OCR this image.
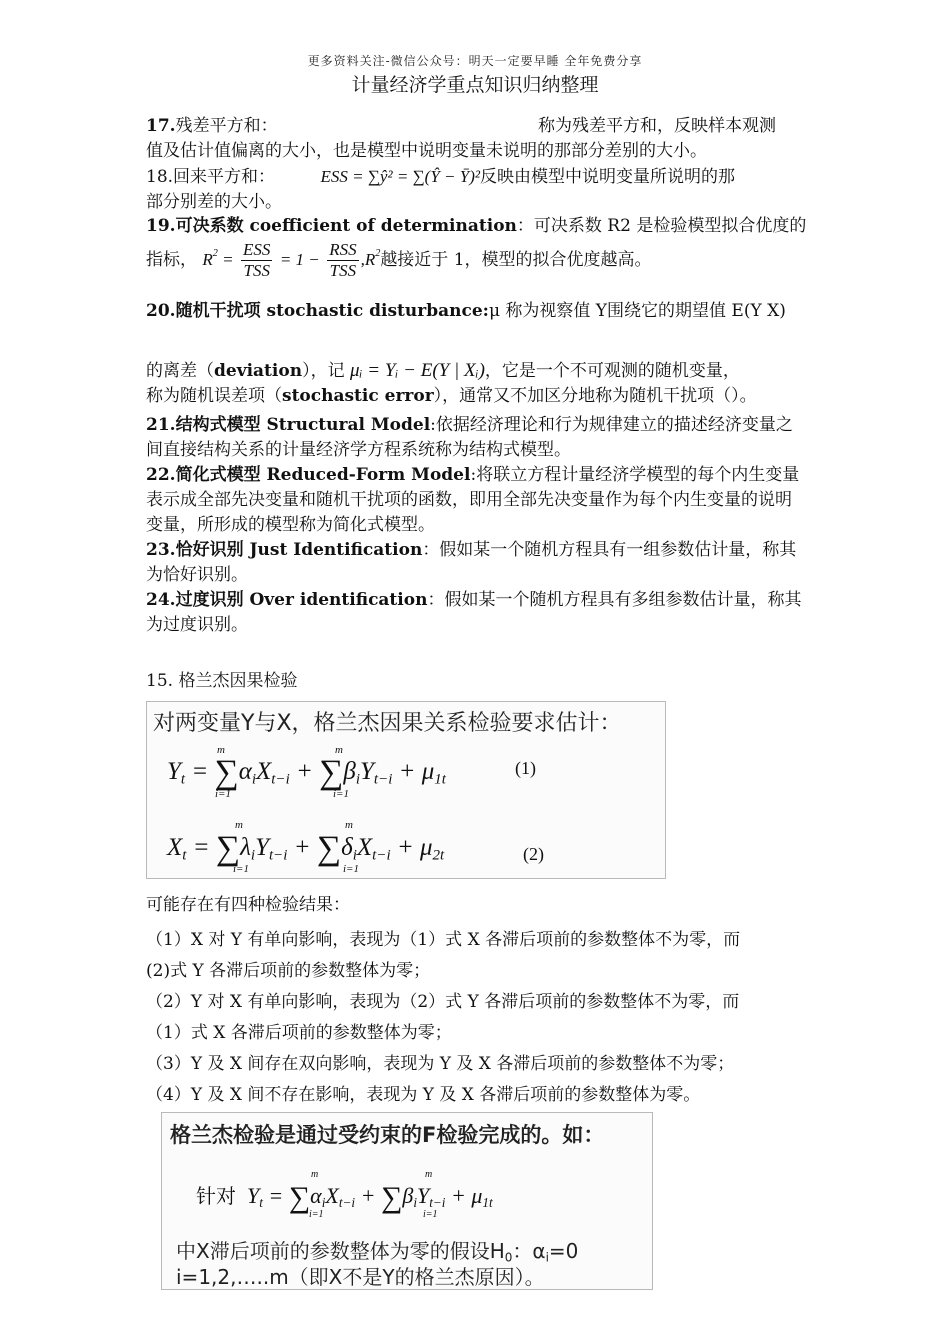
更多资料关注-微信公众号：明天一定要早睡 全年免费分享
计量经济学重点知识归纳整理
17.残差平方和：	称为残差平方和，反映样本观测
值及估计值偏离的大小，也是模型中说明变量未说明的那部分差别的大小。
18.回来平方和：	ESS = ∑ŷ² = ∑(Ŷ − Ȳ)²反映由模型中说明变量所说明的那
部分别差的大小。
19.可决系数 coefficient of determination：可决系数 R2 是检验模型拟合优度的
指标， $R^2 = \frac{\text{ESS}}{\text{TSS}} = 1 - \frac{\text{RSS}}{\text{TSS}} ,R^2$越接近于 1，模型的拟合优度越高。
20.随机干扰项 stochastic disturbance:μ 称为视察值 Y围绕它的期望值 E(Y X)
的离差（deviation），记 μᵢ = Yᵢ − E(Y | Xᵢ)，它是一个不可观测的随机变量，
称为随机误差项（stochastic error），通常又不加区分地称为随机干扰项（）。
21.结构式模型 Structural Model:依据经济理论和行为规律建立的描述经济变量之间直接结构关系的计量经济学方程系统称为结构式模型。
22.简化式模型 Reduced-Form Model:将联立方程计量经济学模型的每个内生变量表示成全部先决变量和随机干扰项的函数，即用全部先决变量作为每个内生变量的说明变量，所形成的模型称为简化式模型。
23.恰好识别 Just Identification：假如某一个随机方程具有一组参数估计量，称其为恰好识别。
24.过度识别 Over identification：假如某一个随机方程具有多组参数估计量，称其为过度识别。
15. 格兰杰因果检验
对两变量Y与X，格兰杰因果关系检验要求估计：
Yt = ∑αiXt−i + ∑βiYt−i + μ1t
m
i=1
m
i=1
(1)
Xt = ∑λiYt−i + ∑δiXt−i + μ2t
m
i=1
m
i=1
(2)
可能存在有四种检验结果：
（1）X 对 Y 有单向影响，表现为（1）式 X 各滞后项前的参数整体不为零，而
(2)式 Y 各滞后项前的参数整体为零；
（2）Y 对 X 有单向影响，表现为（2）式 Y 各滞后项前的参数整体不为零，而
（1）式 X 各滞后项前的参数整体为零；
（3）Y 及 X 间存在双向影响，表现为 Y 及 X 各滞后项前的参数整体不为零；
（4）Y 及 X 间不存在影响，表现为 Y 及 X 各滞后项前的参数整体为零。
格兰杰检验是通过受约束的F检验完成的。如：
针对  Yt = ∑αiXt−i + ∑βiYt−i + μ1t
m
i=1
m
i=1
中X滞后项前的参数整体为零的假设H0：αi=0
i=1,2,…..m（即X不是Y的格兰杰原因）。
